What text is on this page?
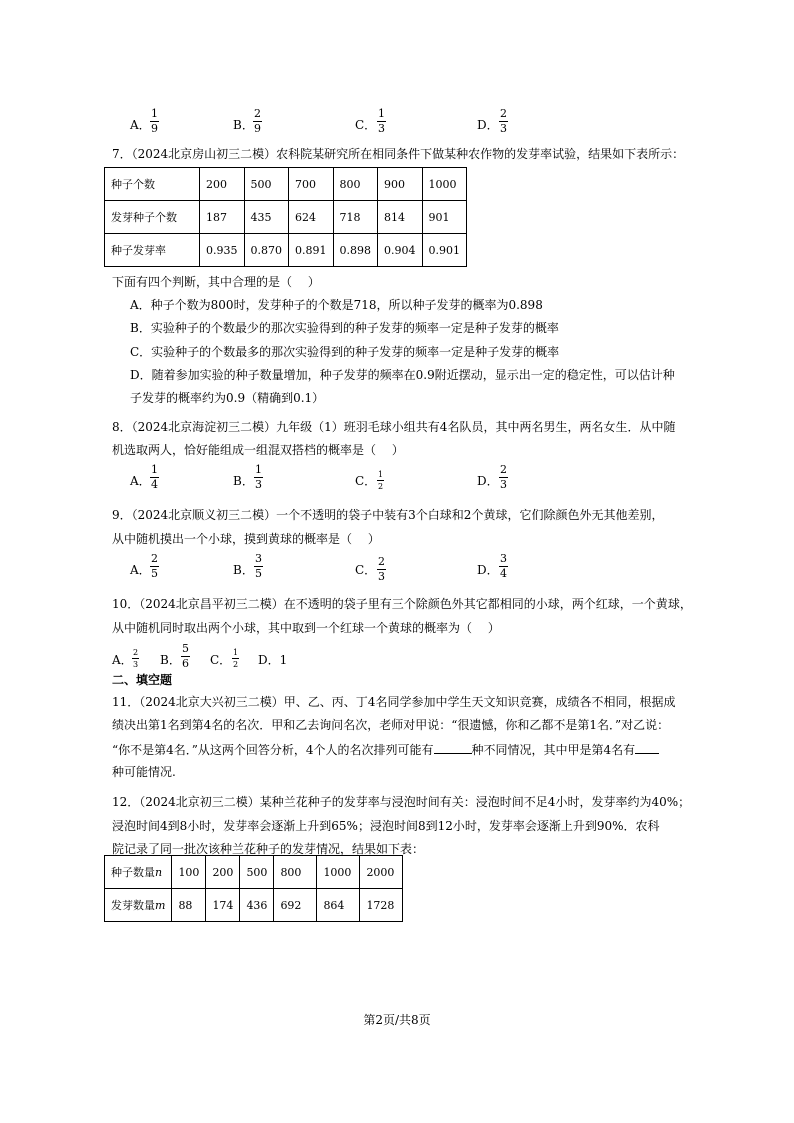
A．
1
9	B．
2
9	C．
1
3	D．
2
3
7．（2024北京房山初三二模）农科院某研究所在相同条件下做某种农作物的发芽率试验，结果如下表所示：
种子个数	200	500	700	800	900	1000
发芽种子个数	187	435	624	718	814	901
种子发芽率	0.935	0.870	0.891	0.898	0.904	0.901
下面有四个判断，其中合理的是（　 ）
A．种子个数为800时，发芽种子的个数是718，所以种子发芽的概率为0.898
B．实验种子的个数最少的那次实验得到的种子发芽的频率一定是种子发芽的概率
C．实验种子的个数最多的那次实验得到的种子发芽的频率一定是种子发芽的概率
D．随着参加实验的种子数量增加，种子发芽的频率在0.9附近摆动，显示出一定的稳定性，可以估计种
子发芽的概率约为0.9（精确到0.1）
8．（2024北京海淀初三二模）九年级（1）班羽毛球小组共有4名队员，其中两名男生，两名女生．从中随
机选取两人，恰好能组成一组混双搭档的概率是（　 ）
A．
1
4	B．
1
3	C． 1
2	D．
2
3
9．（2024北京顺义初三二模）一个不透明的袋子中装有3个白球和2个黄球，它们除颜色外无其他差别，
从中随机摸出一个小球，摸到黄球的概率是（　 ）
A．
2
5	B．
3
5	C．
2
3	D．
3
4
10．（2024北京昌平初三二模）在不透明的袋子里有三个除颜色外其它都相同的小球，两个红球，一个黄球，
从中随机同时取出两个小球，其中取到一个红球一个黄球的概率为（　 ）
A．
2
3 B．
5
6 C．
1
2 D．1
二、填空题
11．（2024北京大兴初三二模）甲、乙、丙、丁4名同学参加中学生天文知识竞赛，成绩各不相同，根据成
绩决出第1名到第4名的名次．甲和乙去询问名次，老师对甲说：“很遗憾，你和乙都不是第1名．”对乙说：
“你不是第4名．”从这两个回答分析，4个人的名次排列可能有	种不同情况，其中甲是第4名有
种可能情况.
12．（2024北京初三二模）某种兰花种子的发芽率与浸泡时间有关：浸泡时间不足4小时，发芽率约为40%；
浸泡时间4到8小时，发芽率会逐渐上升到65%；浸泡时间8到12小时，发芽率会逐渐上升到90%．农科
院记录了同一批次该种兰花种子的发芽情况，结果如下表：
种子数量n	100	200	500	800	1000	2000
发芽数量m	88	174	436	692	864	1728
第2页/共8页
